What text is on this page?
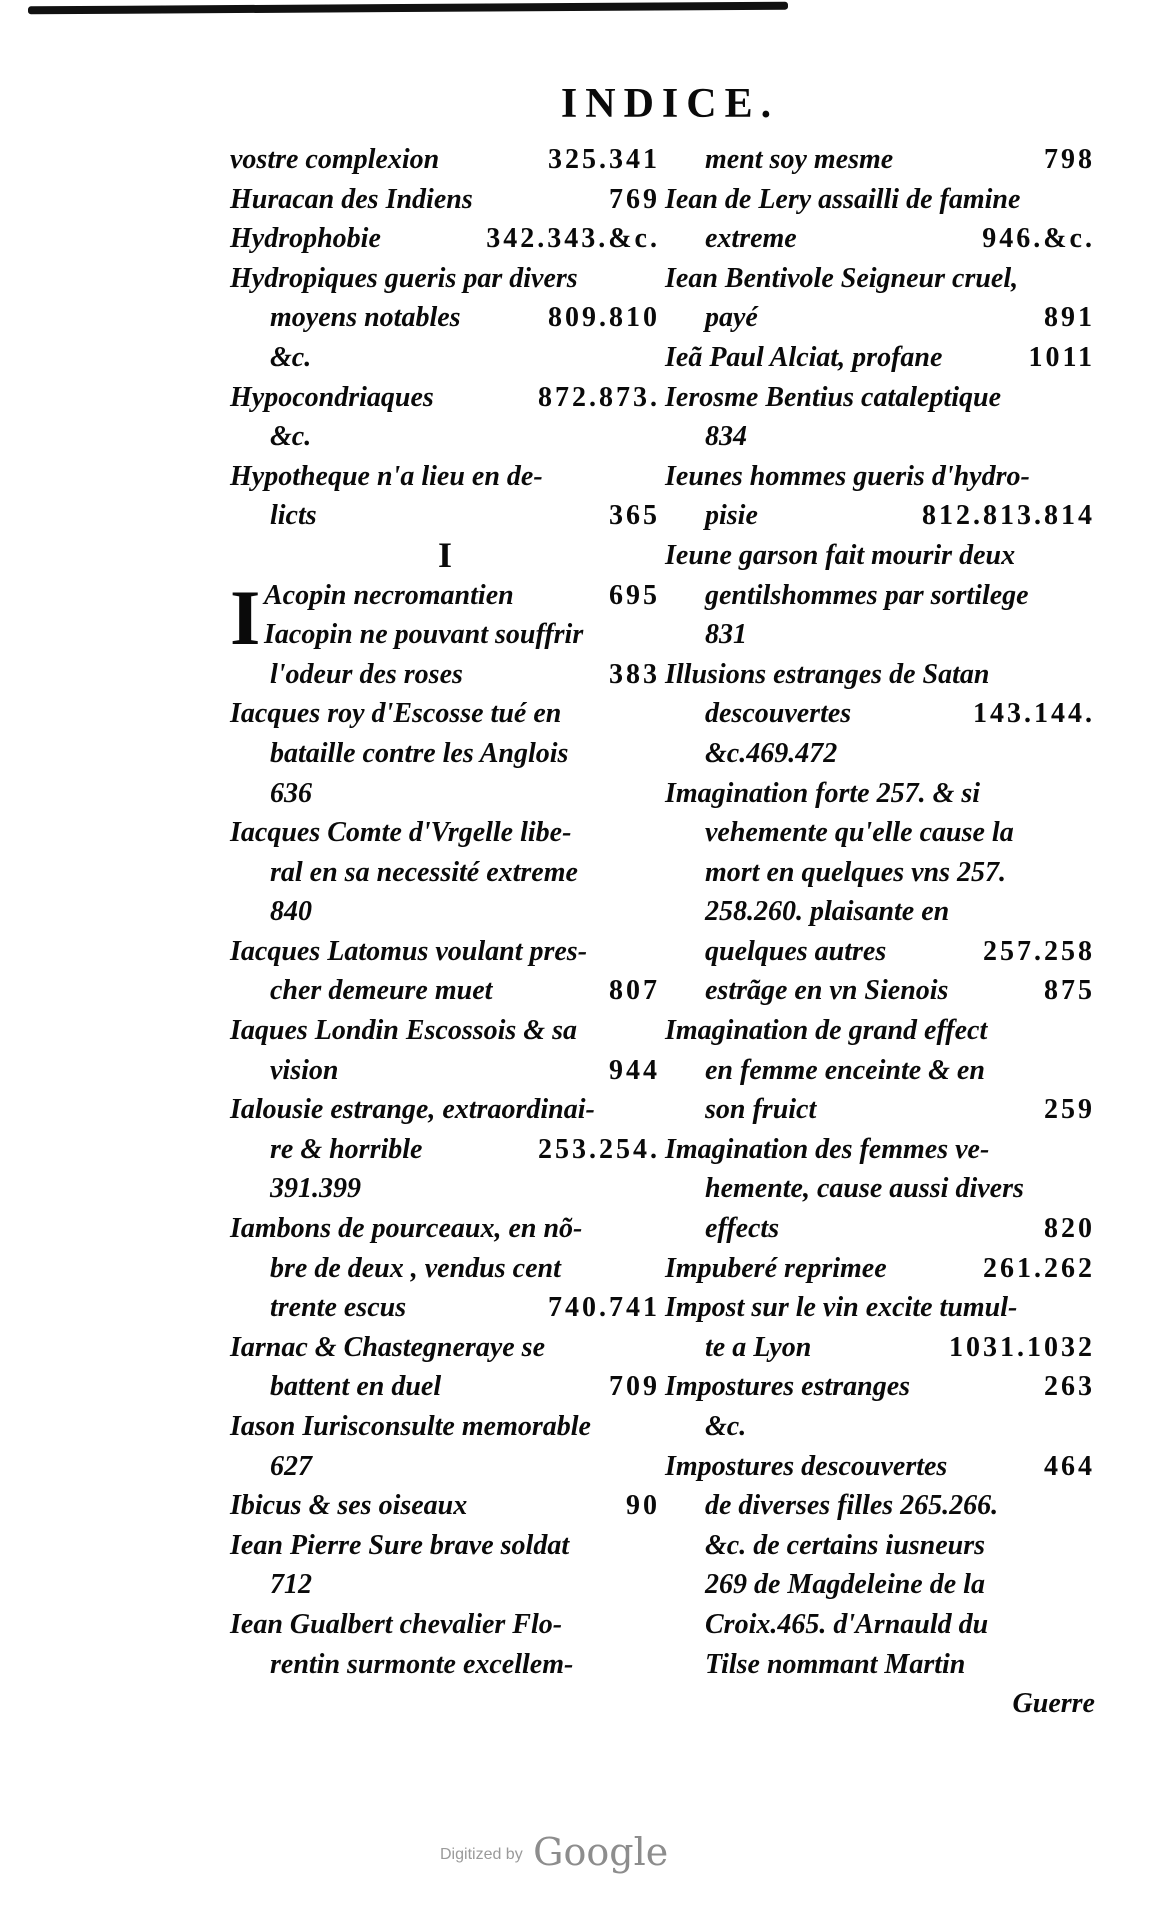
INDICE.
vostre complexion	325.341
Huracan des Indiens	769
Hydrophobie	342.343.&c.
Hydropiques gueris par divers
moyens notables	809.810
&c.
Hypocondriaques	872.873.
&c.
Hypotheque n'a lieu en de-
licts	365
I
I Acopin necromantien	695
Iacopin ne pouvant souffrir
l'odeur des roses	383
Iacques roy d'Escosse tué en
bataille contre les Anglois
636
Iacques Comte d'Vrgelle libe-
ral en sa necessité extreme
840
Iacques Latomus voulant pres-
cher demeure muet	807
Iaques Londin Escossois & sa
vision	944
Ialousie estrange, extraordinai-
re & horrible	253.254.
391.399
Iambons de pourceaux, en nõ-
bre de deux , vendus cent
trente escus	740.741
Iarnac & Chastegneraye se
battent en duel	709
Iason Iurisconsulte memorable
627
Ibicus & ses oiseaux	90
Iean Pierre Sure brave soldat
712
Iean Gualbert chevalier Flo-
rentin surmonte excellem-
ment soy mesme	798
Iean de Lery assailli de famine
extreme	946.&c.
Iean Bentivole Seigneur cruel,
payé	891
Ieã Paul Alciat, profane	1011
Ierosme Bentius cataleptique
834
Ieunes hommes gueris d'hydro-
pisie	812.813.814
Ieune garson fait mourir deux
gentilshommes par sortilege
831
Illusions estranges de Satan
descouvertes	143.144.
&c.469.472
Imagination forte 257. & si
vehemente qu'elle cause la
mort en quelques vns 257.
258.260. plaisante en
quelques autres	257.258
estrãge en vn Sienois	875
Imagination de grand effect
en femme enceinte & en
son fruict	259
Imagination des femmes ve-
hemente, cause aussi divers
effects	820
Impuberé reprimee	261.262
Impost sur le vin excite tumul-
te a Lyon	1031.1032
Impostures estranges	263
&c.
Impostures descouvertes	464
de diverses filles 265.266.
&c. de certains iusneurs
269 de Magdeleine de la
Croix.465. d'Arnauld du
Tilse nommant Martin
Guerre
Digitized by Google
